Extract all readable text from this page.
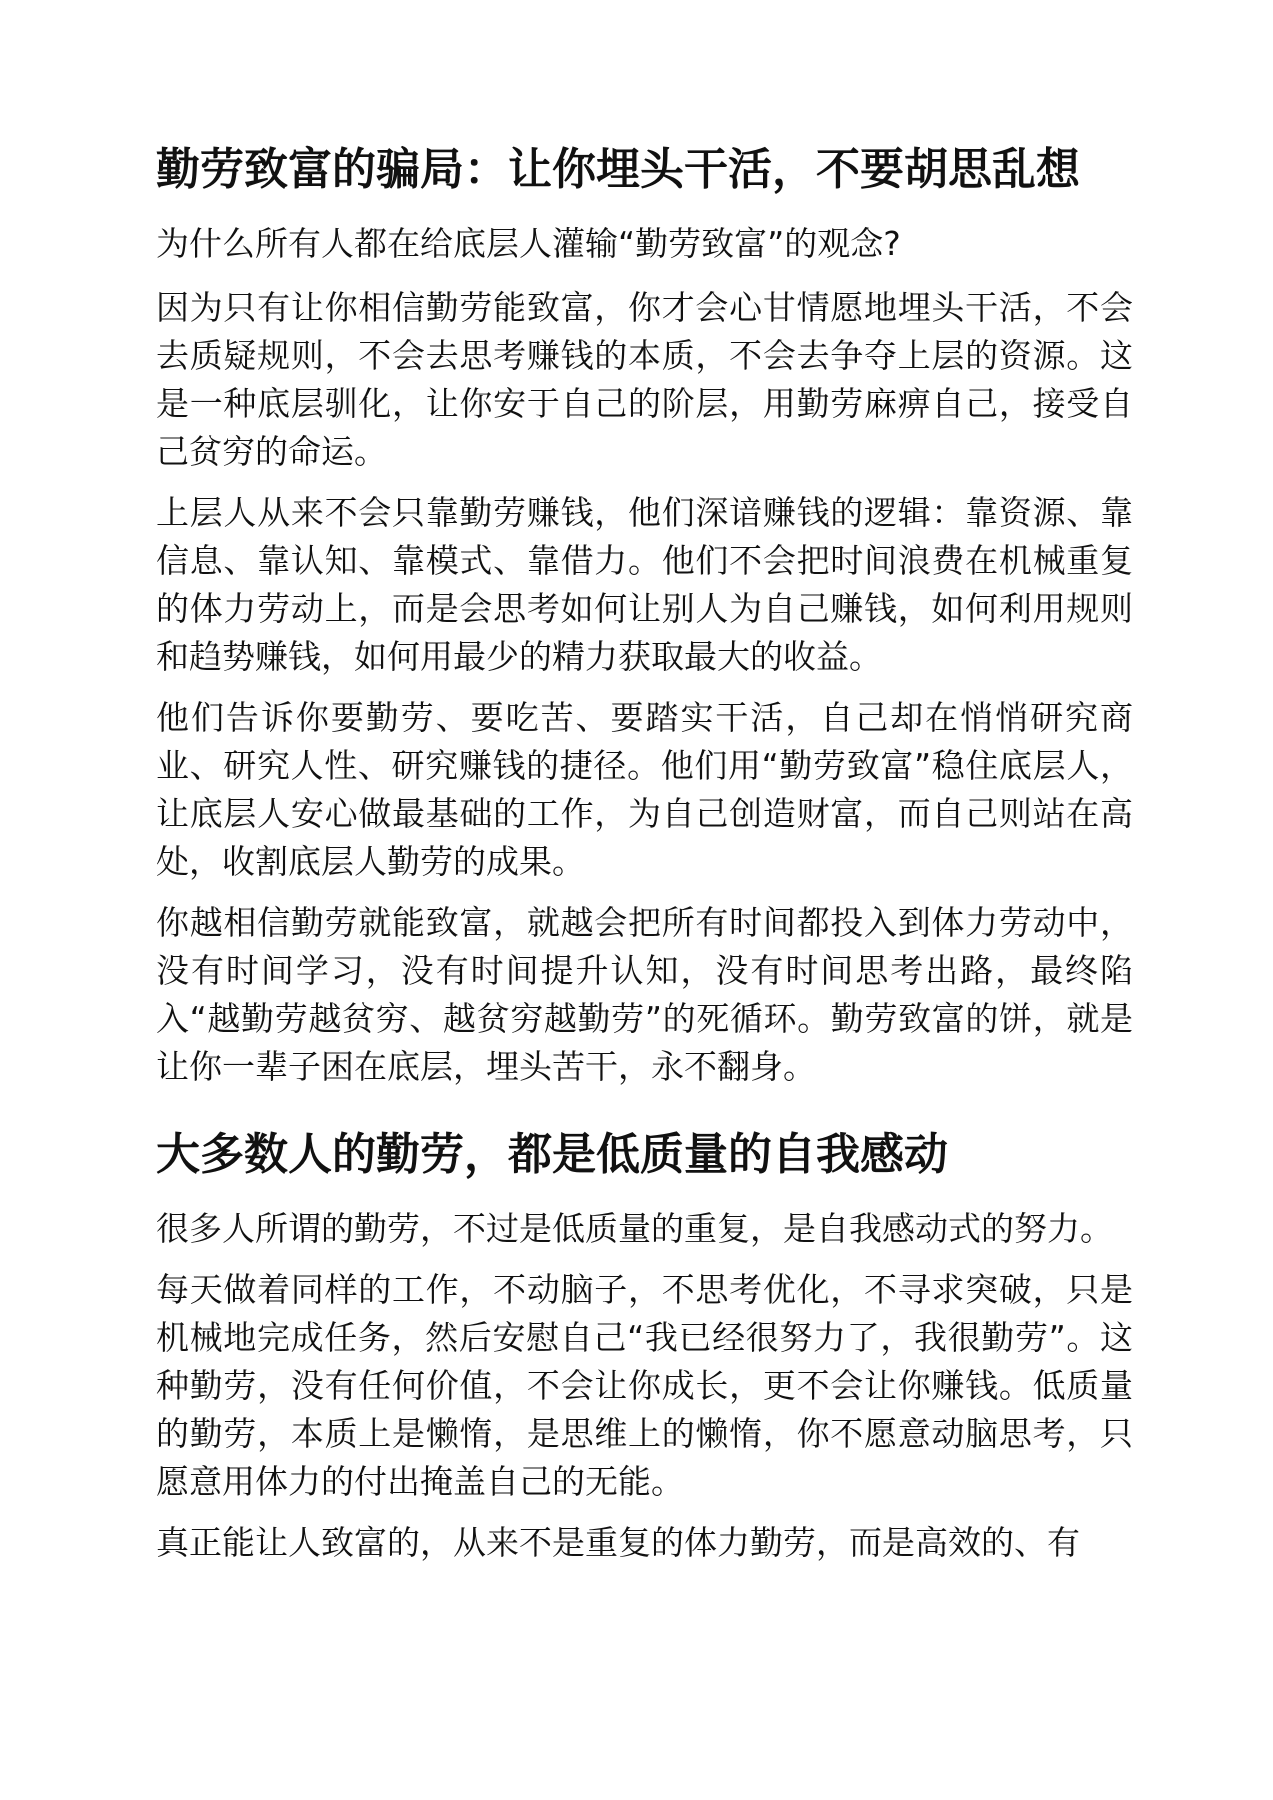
勤劳致富的骗局：让你埋头干活，不要胡思乱想

为什么所有人都在给底层人灌输“勤劳致富”的观念?

因为只有让你相信勤劳能致富，你才会心甘情愿地埋头干活，不会去质疑规则，不会去思考赚钱的本质，不会去争夺上层的资源。这是一种底层驯化，让你安于自己的阶层，用勤劳麻痹自己，接受自己贫穷的命运。

上层人从来不会只靠勤劳赚钱，他们深谙赚钱的逻辑：靠资源、靠信息、靠认知、靠模式、靠借力。他们不会把时间浪费在机械重复的体力劳动上，而是会思考如何让别人为自己赚钱，如何利用规则和趋势赚钱，如何用最少的精力获取最大的收益。

他们告诉你要勤劳、要吃苦、要踏实干活，自己却在悄悄研究商业、研究人性、研究赚钱的捷径。他们用“勤劳致富”稳住底层人，让底层人安心做最基础的工作，为自己创造财富，而自己则站在高处，收割底层人勤劳的成果。

你越相信勤劳就能致富，就越会把所有时间都投入到体力劳动中，没有时间学习，没有时间提升认知，没有时间思考出路，最终陷入“越勤劳越贫穷、越贫穷越勤劳”的死循环。勤劳致富的饼，就是让你一辈子困在底层，埋头苦干，永不翻身。

大多数人的勤劳，都是低质量的自我感动

很多人所谓的勤劳，不过是低质量的重复，是自我感动式的努力。

每天做着同样的工作，不动脑子，不思考优化，不寻求突破，只是机械地完成任务，然后安慰自己“我已经很努力了，我很勤劳”。这种勤劳，没有任何价值，不会让你成长，更不会让你赚钱。低质量的勤劳，本质上是懒惰，是思维上的懒惰，你不愿意动脑思考，只愿意用体力的付出掩盖自己的无能。

真正能让人致富的，从来不是重复的体力勤劳，而是高效的、有
